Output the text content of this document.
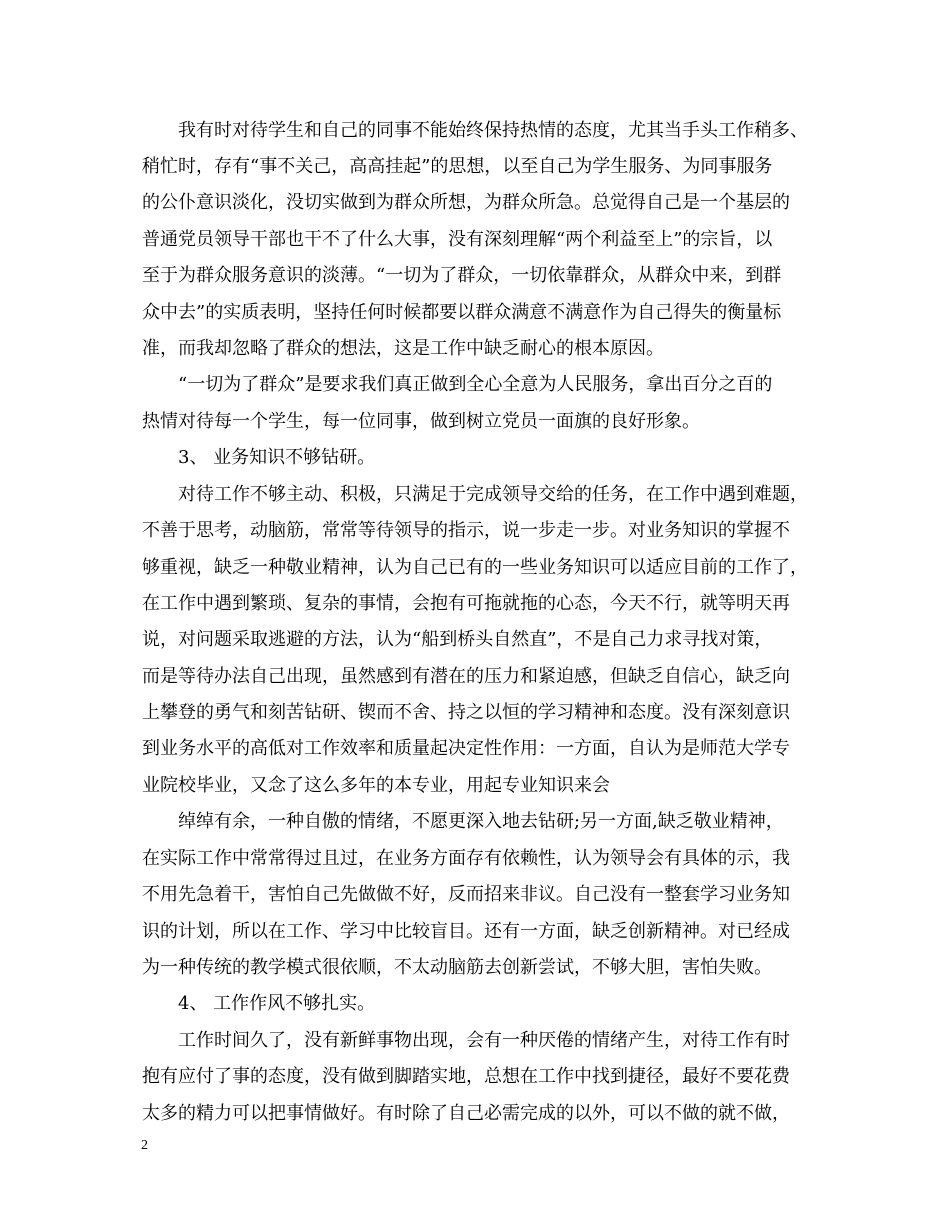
我有时对待学生和自己的同事不能始终保持热情的态度，尤其当手头工作稍多、
稍忙时，存有“事不关己，高高挂起”的思想，以至自己为学生服务、为同事服务
的公仆意识淡化，没切实做到为群众所想，为群众所急。总觉得自己是一个基层的
普通党员领导干部也干不了什么大事，没有深刻理解“两个利益至上”的宗旨，以
至于为群众服务意识的淡薄。“一切为了群众，一切依靠群众，从群众中来，到群
众中去”的实质表明，坚持任何时候都要以群众满意不满意作为自己得失的衡量标
准，而我却忽略了群众的想法，这是工作中缺乏耐心的根本原因。
“一切为了群众”是要求我们真正做到全心全意为人民服务，拿出百分之百的
热情对待每一个学生，每一位同事，做到树立党员一面旗的良好形象。
3、 业务知识不够钻研。
对待工作不够主动、积极，只满足于完成领导交给的任务，在工作中遇到难题，
不善于思考，动脑筋，常常等待领导的指示，说一步走一步。对业务知识的掌握不
够重视，缺乏一种敬业精神，认为自己已有的一些业务知识可以适应目前的工作了，
在工作中遇到繁琐、复杂的事情，会抱有可拖就拖的心态，今天不行，就等明天再
说，对问题采取逃避的方法，认为“船到桥头自然直”，不是自己力求寻找对策，
而是等待办法自己出现，虽然感到有潜在的压力和紧迫感，但缺乏自信心，缺乏向
上攀登的勇气和刻苦钻研、锲而不舍、持之以恒的学习精神和态度。没有深刻意识
到业务水平的高低对工作效率和质量起决定性作用：一方面，自认为是师范大学专
业院校毕业，又念了这么多年的本专业，用起专业知识来会
绰绰有余，一种自傲的情绪，不愿更深入地去钻研;另一方面,缺乏敬业精神，
在实际工作中常常得过且过，在业务方面存有依赖性，认为领导会有具体的示，我
不用先急着干，害怕自己先做做不好，反而招来非议。自己没有一整套学习业务知
识的计划，所以在工作、学习中比较盲目。还有一方面，缺乏创新精神。对已经成
为一种传统的教学模式很依顺，不太动脑筋去创新尝试，不够大胆，害怕失败。
4、 工作作风不够扎实。
工作时间久了，没有新鲜事物出现，会有一种厌倦的情绪产生，对待工作有时
抱有应付了事的态度，没有做到脚踏实地，总想在工作中找到捷径，最好不要花费
太多的精力可以把事情做好。有时除了自己必需完成的以外，可以不做的就不做，
2
